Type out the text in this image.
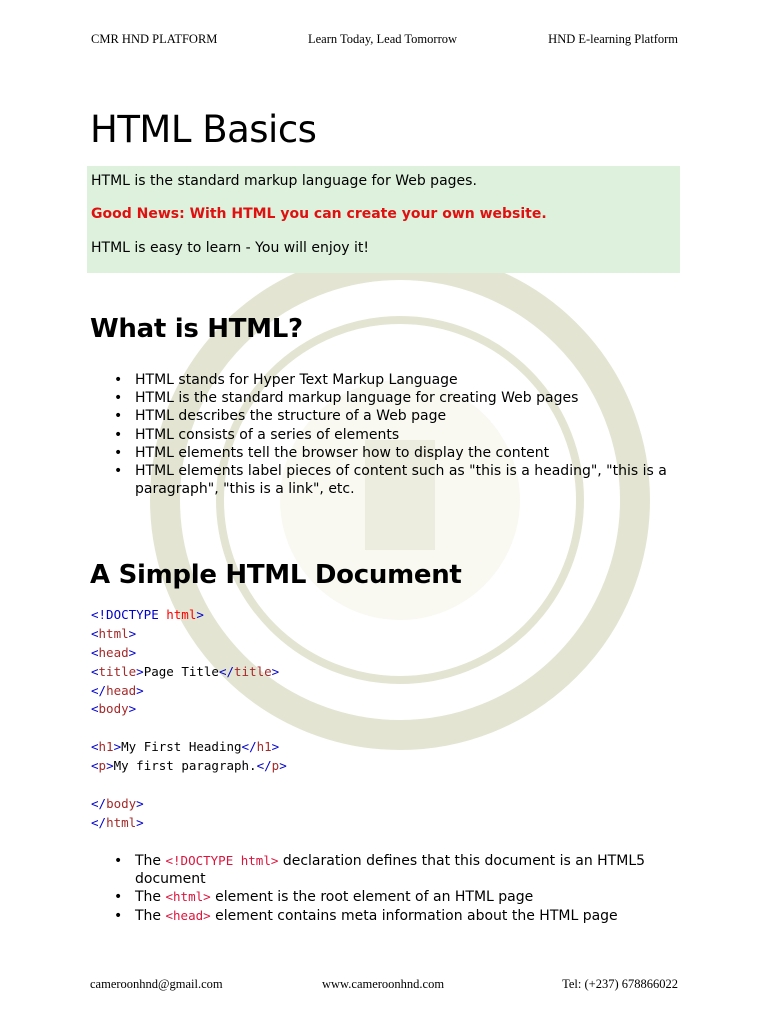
CMR HND PLATFORM	Learn Today, Lead Tomorrow	HND E-learning Platform
HTML Basics

HTML is the standard markup language for Web pages.

Good News: With HTML you can create your own website.

HTML is easy to learn - You will enjoy it!

What is HTML?
• HTML stands for Hyper Text Markup Language
• HTML is the standard markup language for creating Web pages
• HTML describes the structure of a Web page
• HTML consists of a series of elements
• HTML elements tell the browser how to display the content
• HTML elements label pieces of content such as "this is a heading", "this is a paragraph", "this is a link", etc.
A Simple HTML Document
<!DOCTYPE html>
<html>
<head>
<title>Page Title</title>
</head>
<body>
<h1>My First Heading</h1>
<p>My first paragraph.</p>
</body>
</html>
• The <!DOCTYPE html> declaration defines that this document is an HTML5 document
• The <html> element is the root element of an HTML page
• The <head> element contains meta information about the HTML page
cameroonhnd@gmail.com	www.cameroonhnd.com	Tel: (+237) 678866022
